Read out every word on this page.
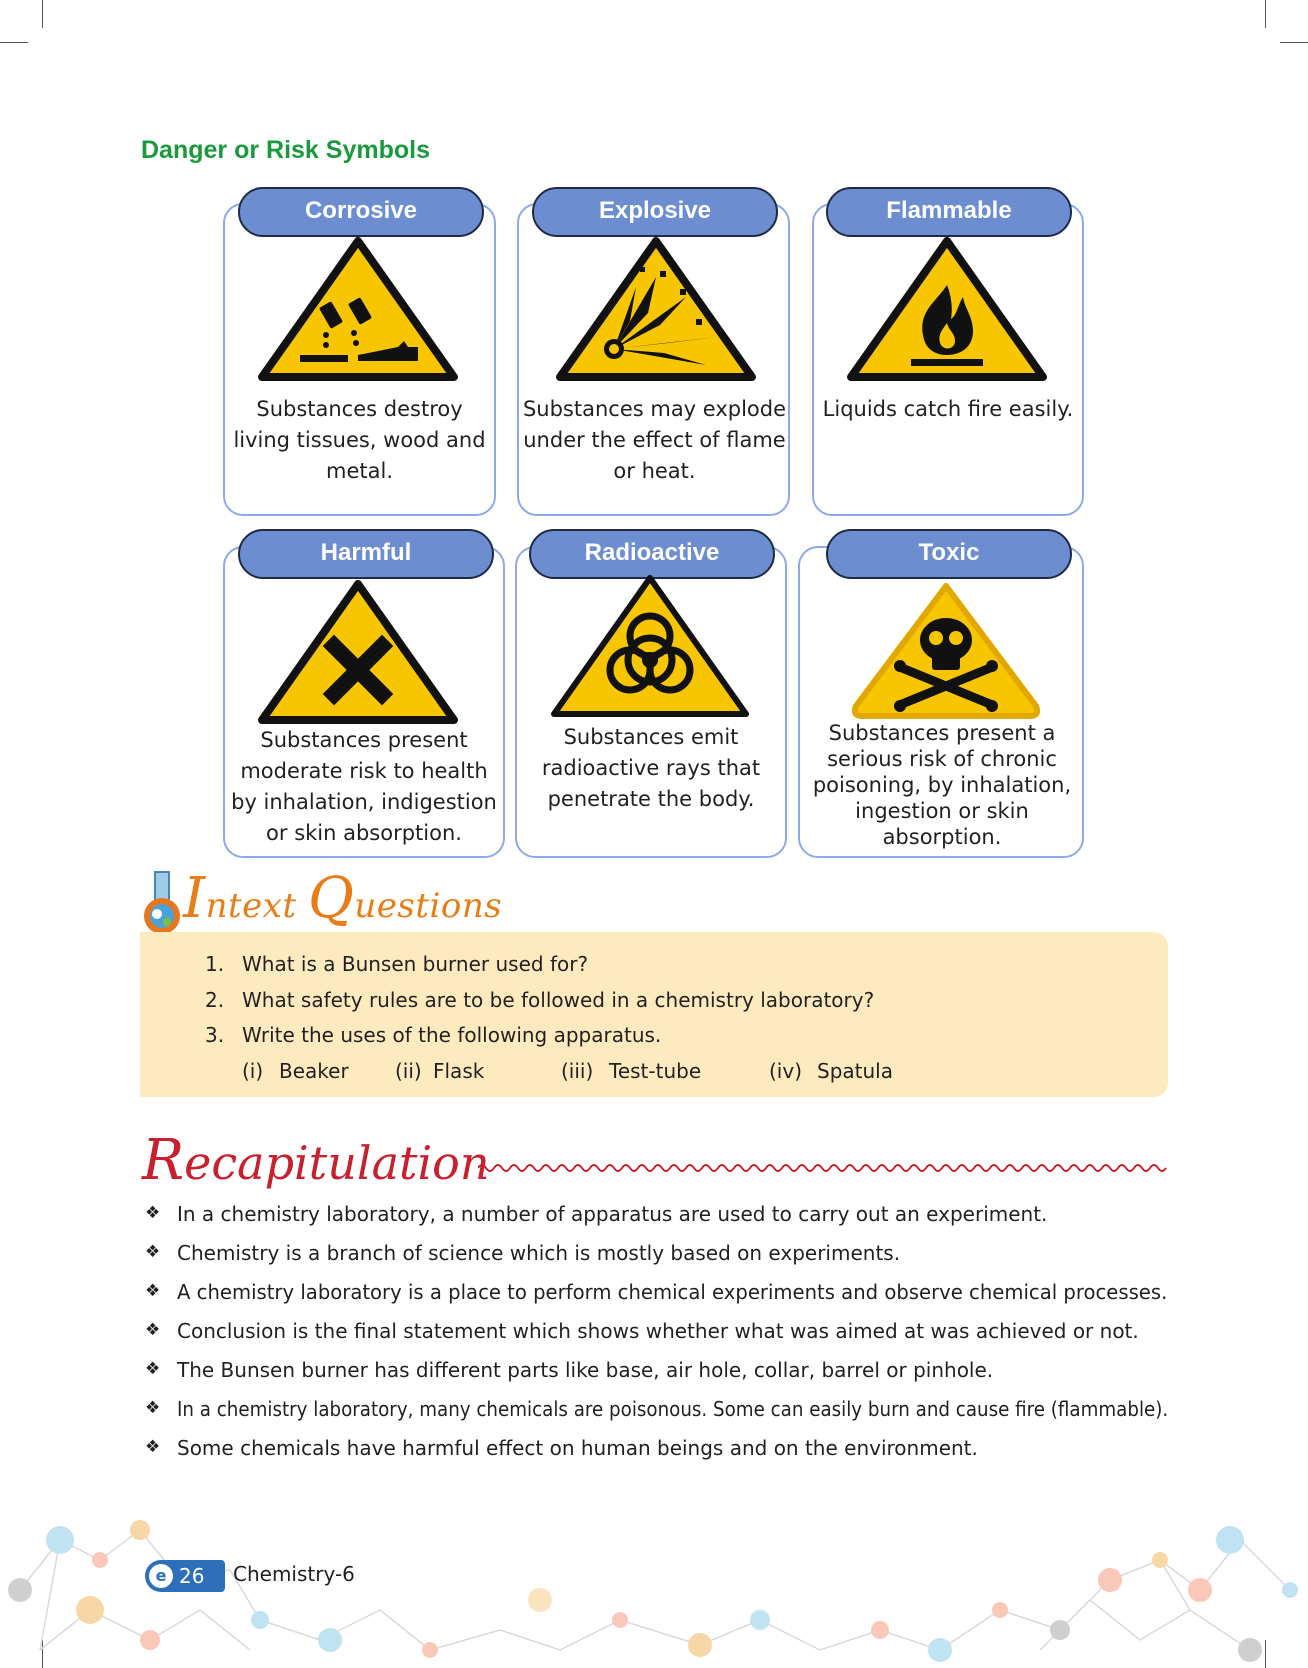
Danger or Risk Symbols
Corrosive
Substances destroy living tissues, wood and metal.
Explosive
Substances may explode under the effect of flame or heat.
Flammable
Liquids catch fire easily.
Harmful
Substances present moderate risk to health by inhalation, indigestion or skin absorption.
Radioactive
Substances emit radioactive rays that penetrate the body.
Toxic
Substances present a serious risk of chronic poisoning, by inhalation, ingestion or skin absorption.
Intext Questions
1. What is a Bunsen burner used for?
2. What safety rules are to be followed in a chemistry laboratory?
3. Write the uses of the following apparatus.
(i) Beaker (ii) Flask	(iii) Test-tube	(iv) Spatula
Recapitulation
❖ In a chemistry laboratory, a number of apparatus are used to carry out an experiment.
❖ Chemistry is a branch of science which is mostly based on experiments.
❖ A chemistry laboratory is a place to perform chemical experiments and observe chemical processes.
❖ Conclusion is the final statement which shows whether what was aimed at was achieved or not.
❖ The Bunsen burner has different parts like base, air hole, collar, barrel or pinhole.
❖ In a chemistry laboratory, many chemicals are poisonous. Some can easily burn and cause fire (flammable).
❖ Some chemicals have harmful effect on human beings and on the environment.
e 26 Chemistry-6
